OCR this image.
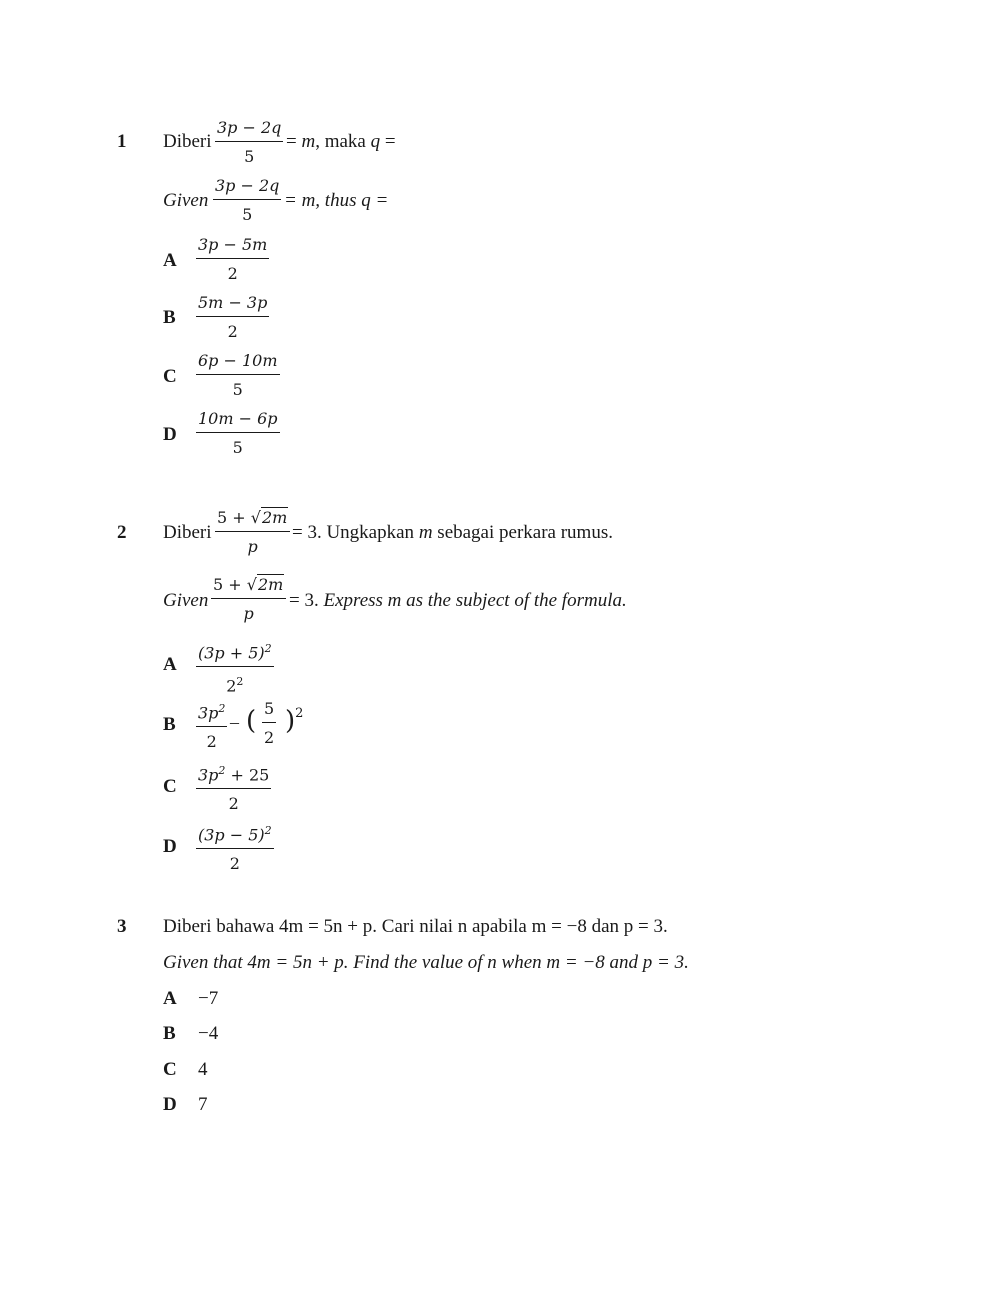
1 Diberi $\frac{3p - 2q}{5} = m$, maka q =
Given $\frac{3p - 2q}{5} = m$, thus q =
A $\frac{3p - 5m}{2}$
B $\frac{5m - 3p}{2}$
C $\frac{6p - 10m}{5}$
D $\frac{10m - 6p}{5}$
2 Diberi $\frac{5 + √2m}{p} = 3$. Ungkapkan m sebagai perkara rumus.
Given $\frac{5 + √2m}{p} = 3$. Express m as the subject of the formula.
A $\frac{(3p + 5)^2}{2^2}$
B $\frac{3p^2}{2}$ – ( $\frac{5}{2} )^2$
C $\frac{3p^2 + 25}{2}$
D $\frac{(3p - 5)^2}{2}$
3 Diberi bahawa 4m = 5n + p. Cari nilai n apabila m = −8 dan p = 3.
Given that 4m = 5n + p. Find the value of n when m = −8 and p = 3.
A −7
B −4
C 4
D 7
